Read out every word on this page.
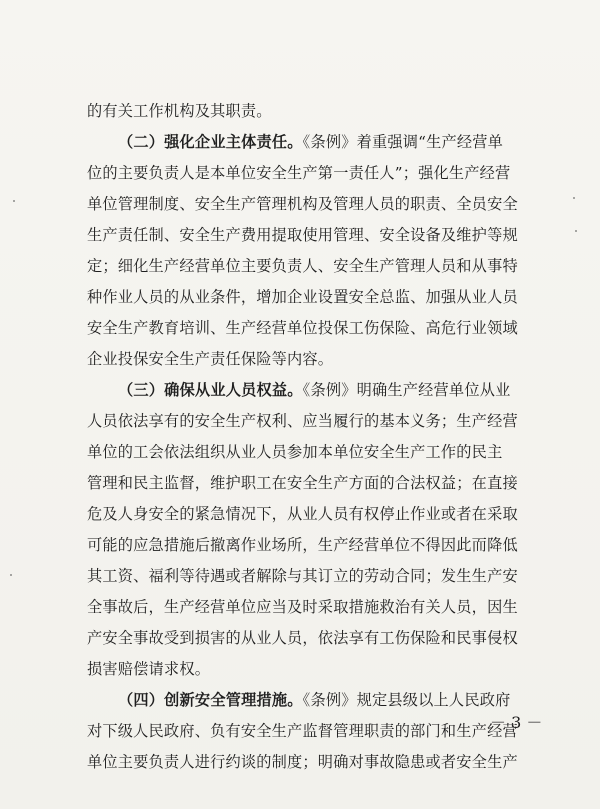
的有关工作机构及其职责。
（二）强化企业主体责任。《条例》着重强调“生产经营单
位的主要负责人是本单位安全生产第一责任人”；强化生产经营
单位管理制度、安全生产管理机构及管理人员的职责、全员安全
生产责任制、安全生产费用提取使用管理、安全设备及维护等规
定；细化生产经营单位主要负责人、安全生产管理人员和从事特
种作业人员的从业条件，增加企业设置安全总监、加强从业人员
安全生产教育培训、生产经营单位投保工伤保险、高危行业领域
企业投保安全生产责任保险等内容。
（三）确保从业人员权益。《条例》明确生产经营单位从业
人员依法享有的安全生产权利、应当履行的基本义务；生产经营
单位的工会依法组织从业人员参加本单位安全生产工作的民主
管理和民主监督，维护职工在安全生产方面的合法权益；在直接
危及人身安全的紧急情况下，从业人员有权停止作业或者在采取
可能的应急措施后撤离作业场所，生产经营单位不得因此而降低
其工资、福利等待遇或者解除与其订立的劳动合同；发生生产安
全事故后，生产经营单位应当及时采取措施救治有关人员，因生
产安全事故受到损害的从业人员，依法享有工伤保险和民事侵权
损害赔偿请求权。
（四）创新安全管理措施。《条例》规定县级以上人民政府
对下级人民政府、负有安全生产监督管理职责的部门和生产经营
单位主要负责人进行约谈的制度；明确对事故隐患或者安全生产
－ 3 －
